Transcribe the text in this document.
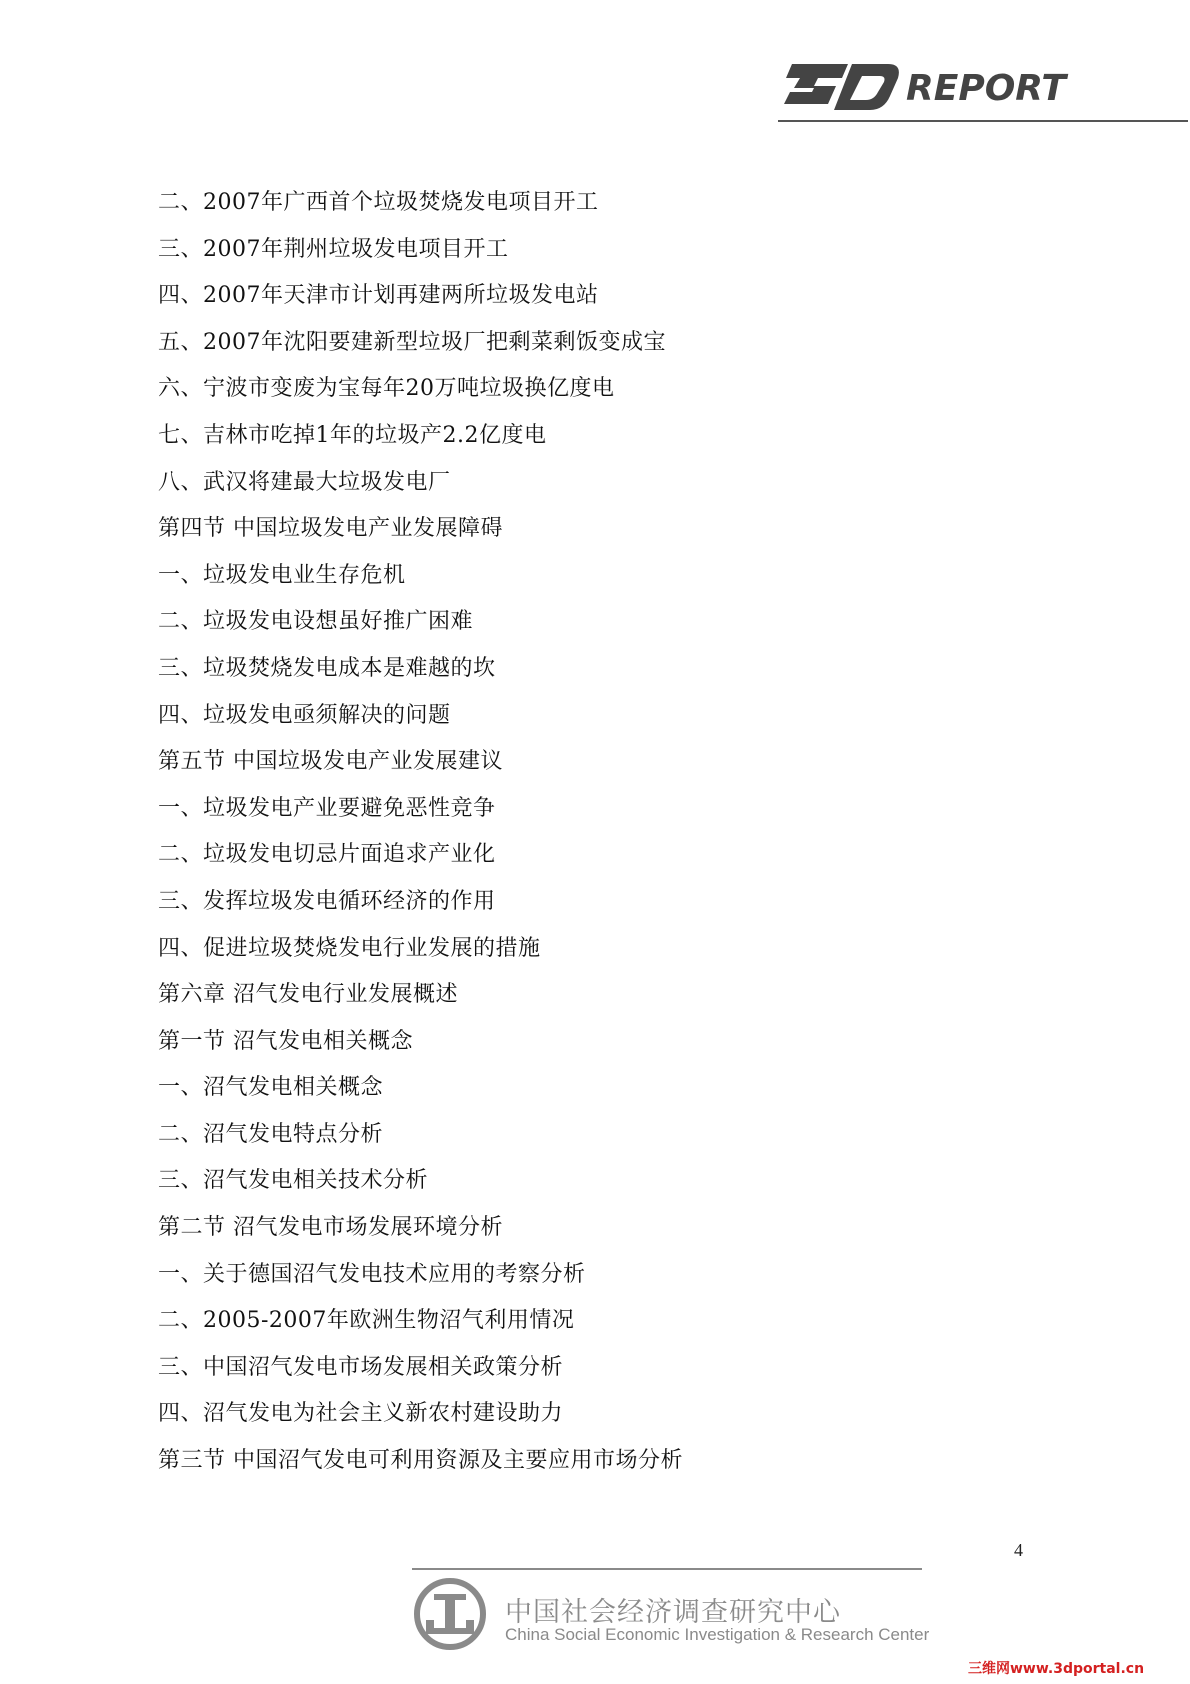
REPORT
二、2007年广西首个垃圾焚烧发电项目开工
三、2007年荆州垃圾发电项目开工
四、2007年天津市计划再建两所垃圾发电站
五、2007年沈阳要建新型垃圾厂把剩菜剩饭变成宝
六、宁波市变废为宝每年20万吨垃圾换亿度电
七、吉林市吃掉1年的垃圾产2.2亿度电
八、武汉将建最大垃圾发电厂
第四节 中国垃圾发电产业发展障碍
一、垃圾发电业生存危机
二、垃圾发电设想虽好推广困难
三、垃圾焚烧发电成本是难越的坎
四、垃圾发电亟须解决的问题
第五节 中国垃圾发电产业发展建议
一、垃圾发电产业要避免恶性竞争
二、垃圾发电切忌片面追求产业化
三、发挥垃圾发电循环经济的作用
四、促进垃圾焚烧发电行业发展的措施
第六章 沼气发电行业发展概述
第一节 沼气发电相关概念
一、沼气发电相关概念
二、沼气发电特点分析
三、沼气发电相关技术分析
第二节 沼气发电市场发展环境分析
一、关于德国沼气发电技术应用的考察分析
二、2005-2007年欧洲生物沼气利用情况
三、中国沼气发电市场发展相关政策分析
四、沼气发电为社会主义新农村建设助力
第三节 中国沼气发电可利用资源及主要应用市场分析
4
中国社会经济调查研究中心
China Social Economic Investigation & Research Center
三维网www.3dportal.cn
